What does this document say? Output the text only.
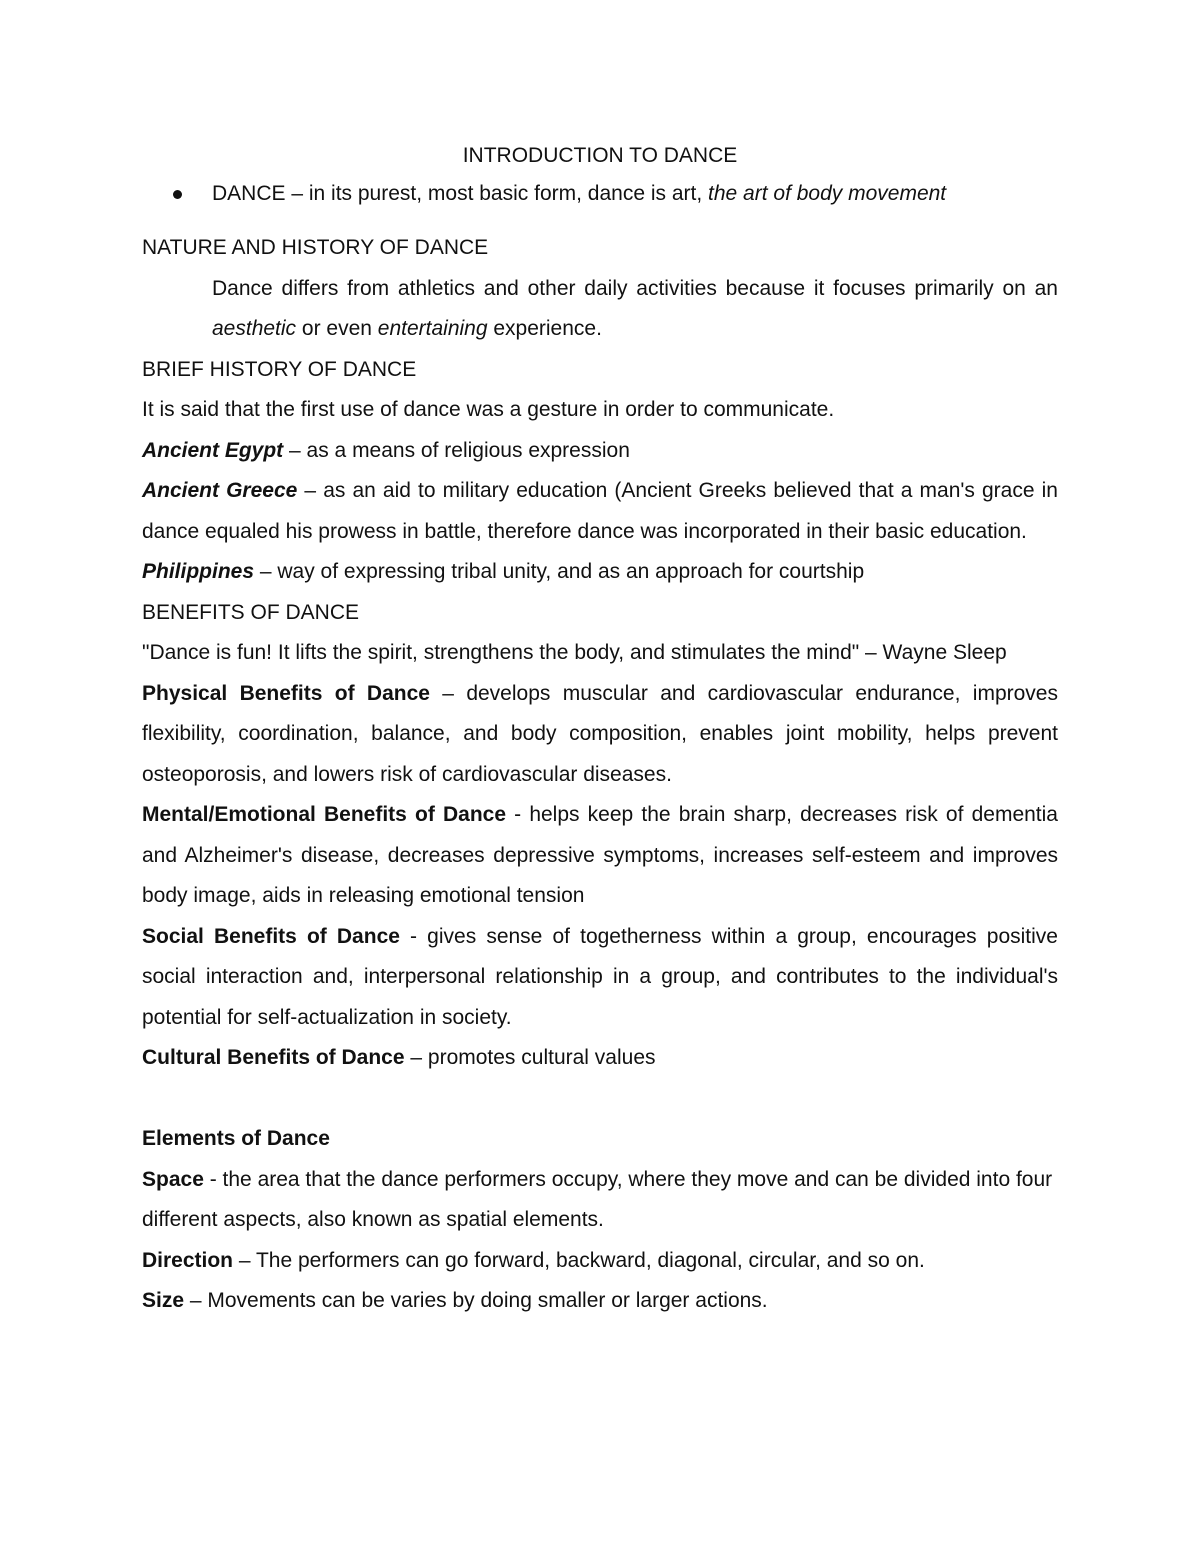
INTRODUCTION TO DANCE
DANCE – in its purest, most basic form, dance is art, the art of body movement
NATURE AND HISTORY OF DANCE

Dance differs from athletics and other daily activities because it focuses primarily on an aesthetic or even entertaining experience.

BRIEF HISTORY OF DANCE

It is said that the first use of dance was a gesture in order to communicate.

Ancient Egypt – as a means of religious expression

Ancient Greece – as an aid to military education (Ancient Greeks believed that a man's grace in dance equaled his prowess in battle, therefore dance was incorporated in their basic education.

Philippines – way of expressing tribal unity, and as an approach for courtship

BENEFITS OF DANCE

"Dance is fun! It lifts the spirit, strengthens the body, and stimulates the mind" – Wayne Sleep

Physical Benefits of Dance – develops muscular and cardiovascular endurance, improves flexibility, coordination, balance, and body composition, enables joint mobility, helps prevent osteoporosis, and lowers risk of cardiovascular diseases.

Mental/Emotional Benefits of Dance - helps keep the brain sharp, decreases risk of dementia and Alzheimer's disease, decreases depressive symptoms, increases self-esteem and improves body image, aids in releasing emotional tension

Social Benefits of Dance - gives sense of togetherness within a group, encourages positive social interaction and, interpersonal relationship in a group, and contributes to the individual's potential for self-actualization in society.

Cultural Benefits of Dance – promotes cultural values

Elements of Dance

Space - the area that the dance performers occupy, where they move and can be divided into four different aspects, also known as spatial elements.

Direction – The performers can go forward, backward, diagonal, circular, and so on.

Size – Movements can be varies by doing smaller or larger actions.
